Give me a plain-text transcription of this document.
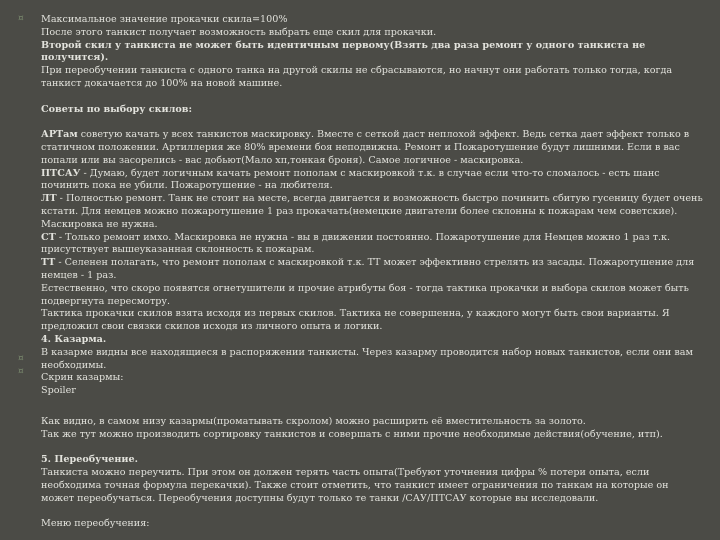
¤
¤
¤

Максимальное значение прокачки скила=100%

После этого танкист получает возможность выбрать еще скил для прокачки.

Второй скил у танкиста не может быть идентичным первому(Взять два раза ремонт у одного танкиста не получится).

При переобучении танкиста с одного танка на другой скилы не сбрасываются, но начнут они работать только тогда, когда танкист докачается до 100% на новой машине.

Советы по выбору скилов:

АРТам советую качать у всех танкистов маскировку. Вместе с сеткой даст неплохой эффект. Ведь сетка дает эффект только в статичном положении. Артиллерия же 80% времени боя неподвижна. Ремонт и Пожаротушение будут лишними. Если в вас попали или вы засорелись - вас добьют(Мало хп,тонкая броня). Самое логичное - маскировка.

ПТСАУ - Думаю, будет логичным качать ремонт пополам с маскировкой т.к. в случае если что-то сломалось - есть шанс починить пока не убили. Пожаротушение - на любителя.

ЛТ - Полностью ремонт. Танк не стоит на месте, всегда двигается и возможность быстро починить сбитую гусеницу будет очень кстати. Для немцев можно пожаротушение 1 раз прокачать(немецкие двигатели более склонны к пожарам чем советские). Маскировка не нужна.

СТ - Только ремонт имхо. Маскировка не нужна - вы в движении постоянно. Пожаротушение для Немцев можно 1 раз т.к. присутствует вышеуказанная склонность к пожарам.

ТТ - Селенен полагать, что ремонт пополам с маскировкой т.к. ТТ может эффективно стрелять из засады. Пожаротушение для немцев - 1 раз.

Естественно, что скоро появятся огнетушители и прочие атрибуты боя - тогда тактика прокачки и выбора скилов может быть подвергнута пересмотру.

Тактика прокачки скилов взята исходя из первых скилов. Тактика не совершенна, у каждого могут быть свои варианты. Я предложил свои связки скилов исходя из личного опыта и логики.

4. Казарма.

В казарме видны все находящиеся в распоряжении танкисты. Через казарму проводится набор новых танкистов, если они вам необходимы.

Скрин казармы:

Spoiler

Как видно, в самом низу казармы(проматывать скролом) можно расширить её вместительность за золото.

Так же тут можно производить сортировку танкистов и совершать с ними прочие необходимые действия(обучение, итп).

5. Переобучение.

Танкиста можно переучить. При этом он должен терять часть опыта(Требуют уточнения цифры % потери опыта, если необходима точная формула перекачки). Также стоит отметить, что танкист имеет ограничения по танкам на которые он может переобучаться. Переобучения доступны будут только те танки /САУ/ПТСАУ которые вы исследовали.

Меню переобучения:
